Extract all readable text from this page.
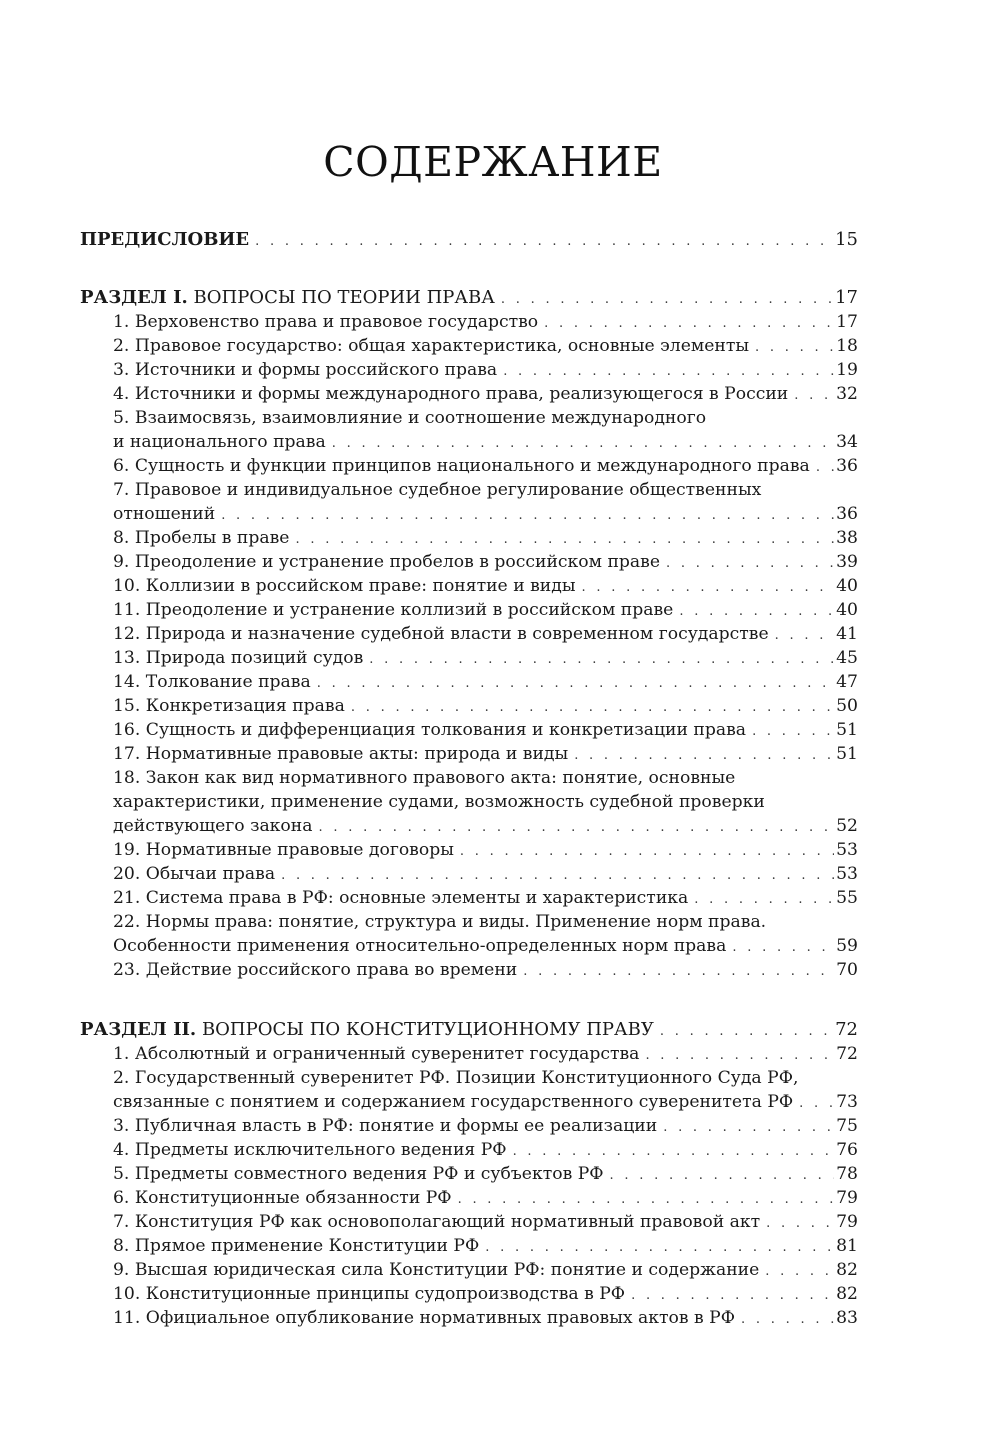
СОДЕРЖАНИЕ
ПРЕДИСЛОВИЕ . . .	15
РАЗДЕЛ I. ВОПРОСЫ ПО ТЕОРИИ ПРАВА . . .	17
1. Верховенство права и правовое государство . . .	17
2. Правовое государство: общая характеристика, основные элементы . . .	18
3. Источники и формы российского права . . .	19
4. Источники и формы международного права, реализующегося в России . . .	32
5. Взаимосвязь, взаимовлияние и соотношение международного
и национального права . . .	34
6. Сущность и функции принципов национального и международного права . . . 36
7. Правовое и индивидуальное судебное регулирование общественных
отношений . . .	36
8. Пробелы в праве . . .	38
9. Преодоление и устранение пробелов в российском праве . . .	39
10. Коллизии в российском праве: понятие и виды . . .	40
11. Преодоление и устранение коллизий в российском праве . . .	40
12. Природа и назначение судебной власти в современном государстве . . .	41
13. Природа позиций судов . . .	45
14. Толкование права . . .	47
15. Конкретизация права . . .	50
16. Сущность и дифференциация толкования и конкретизации права . . .	51
17. Нормативные правовые акты: природа и виды . . .	51
18. Закон как вид нормативного правового акта: понятие, основные
характеристики, применение судами, возможность судебной проверки
действующего закона . . .	52
19. Нормативные правовые договоры . . .	53
20. Обычаи права . . .	53
21. Система права в РФ: основные элементы и характеристика . . .	55
22. Нормы права: понятие, структура и виды. Применение норм права.
Особенности применения относительно-определенных норм права . . .	59
23. Действие российского права во времени . . .	70
РАЗДЕЛ II. ВОПРОСЫ ПО КОНСТИТУЦИОННОМУ ПРАВУ . . .	72
1. Абсолютный и ограниченный суверенитет государства . . .	72
2. Государственный суверенитет РФ. Позиции Конституционного Суда РФ,
связанные с понятием и содержанием государственного суверенитета РФ . . . 73
3. Публичная власть в РФ: понятие и формы ее реализации . . .	75
4. Предметы исключительного ведения РФ . . .	76
5. Предметы совместного ведения РФ и субъектов РФ . . .	78
6. Конституционные обязанности РФ . . .	79
7. Конституция РФ как основополагающий нормативный правовой акт . . .	79
8. Прямое применение Конституции РФ . . .	81
9. Высшая юридическая сила Конституции РФ: понятие и содержание . . .	82
10. Конституционные принципы судопроизводства в РФ . . .	82
11. Официальное опубликование нормативных правовых актов в РФ . . .	83
